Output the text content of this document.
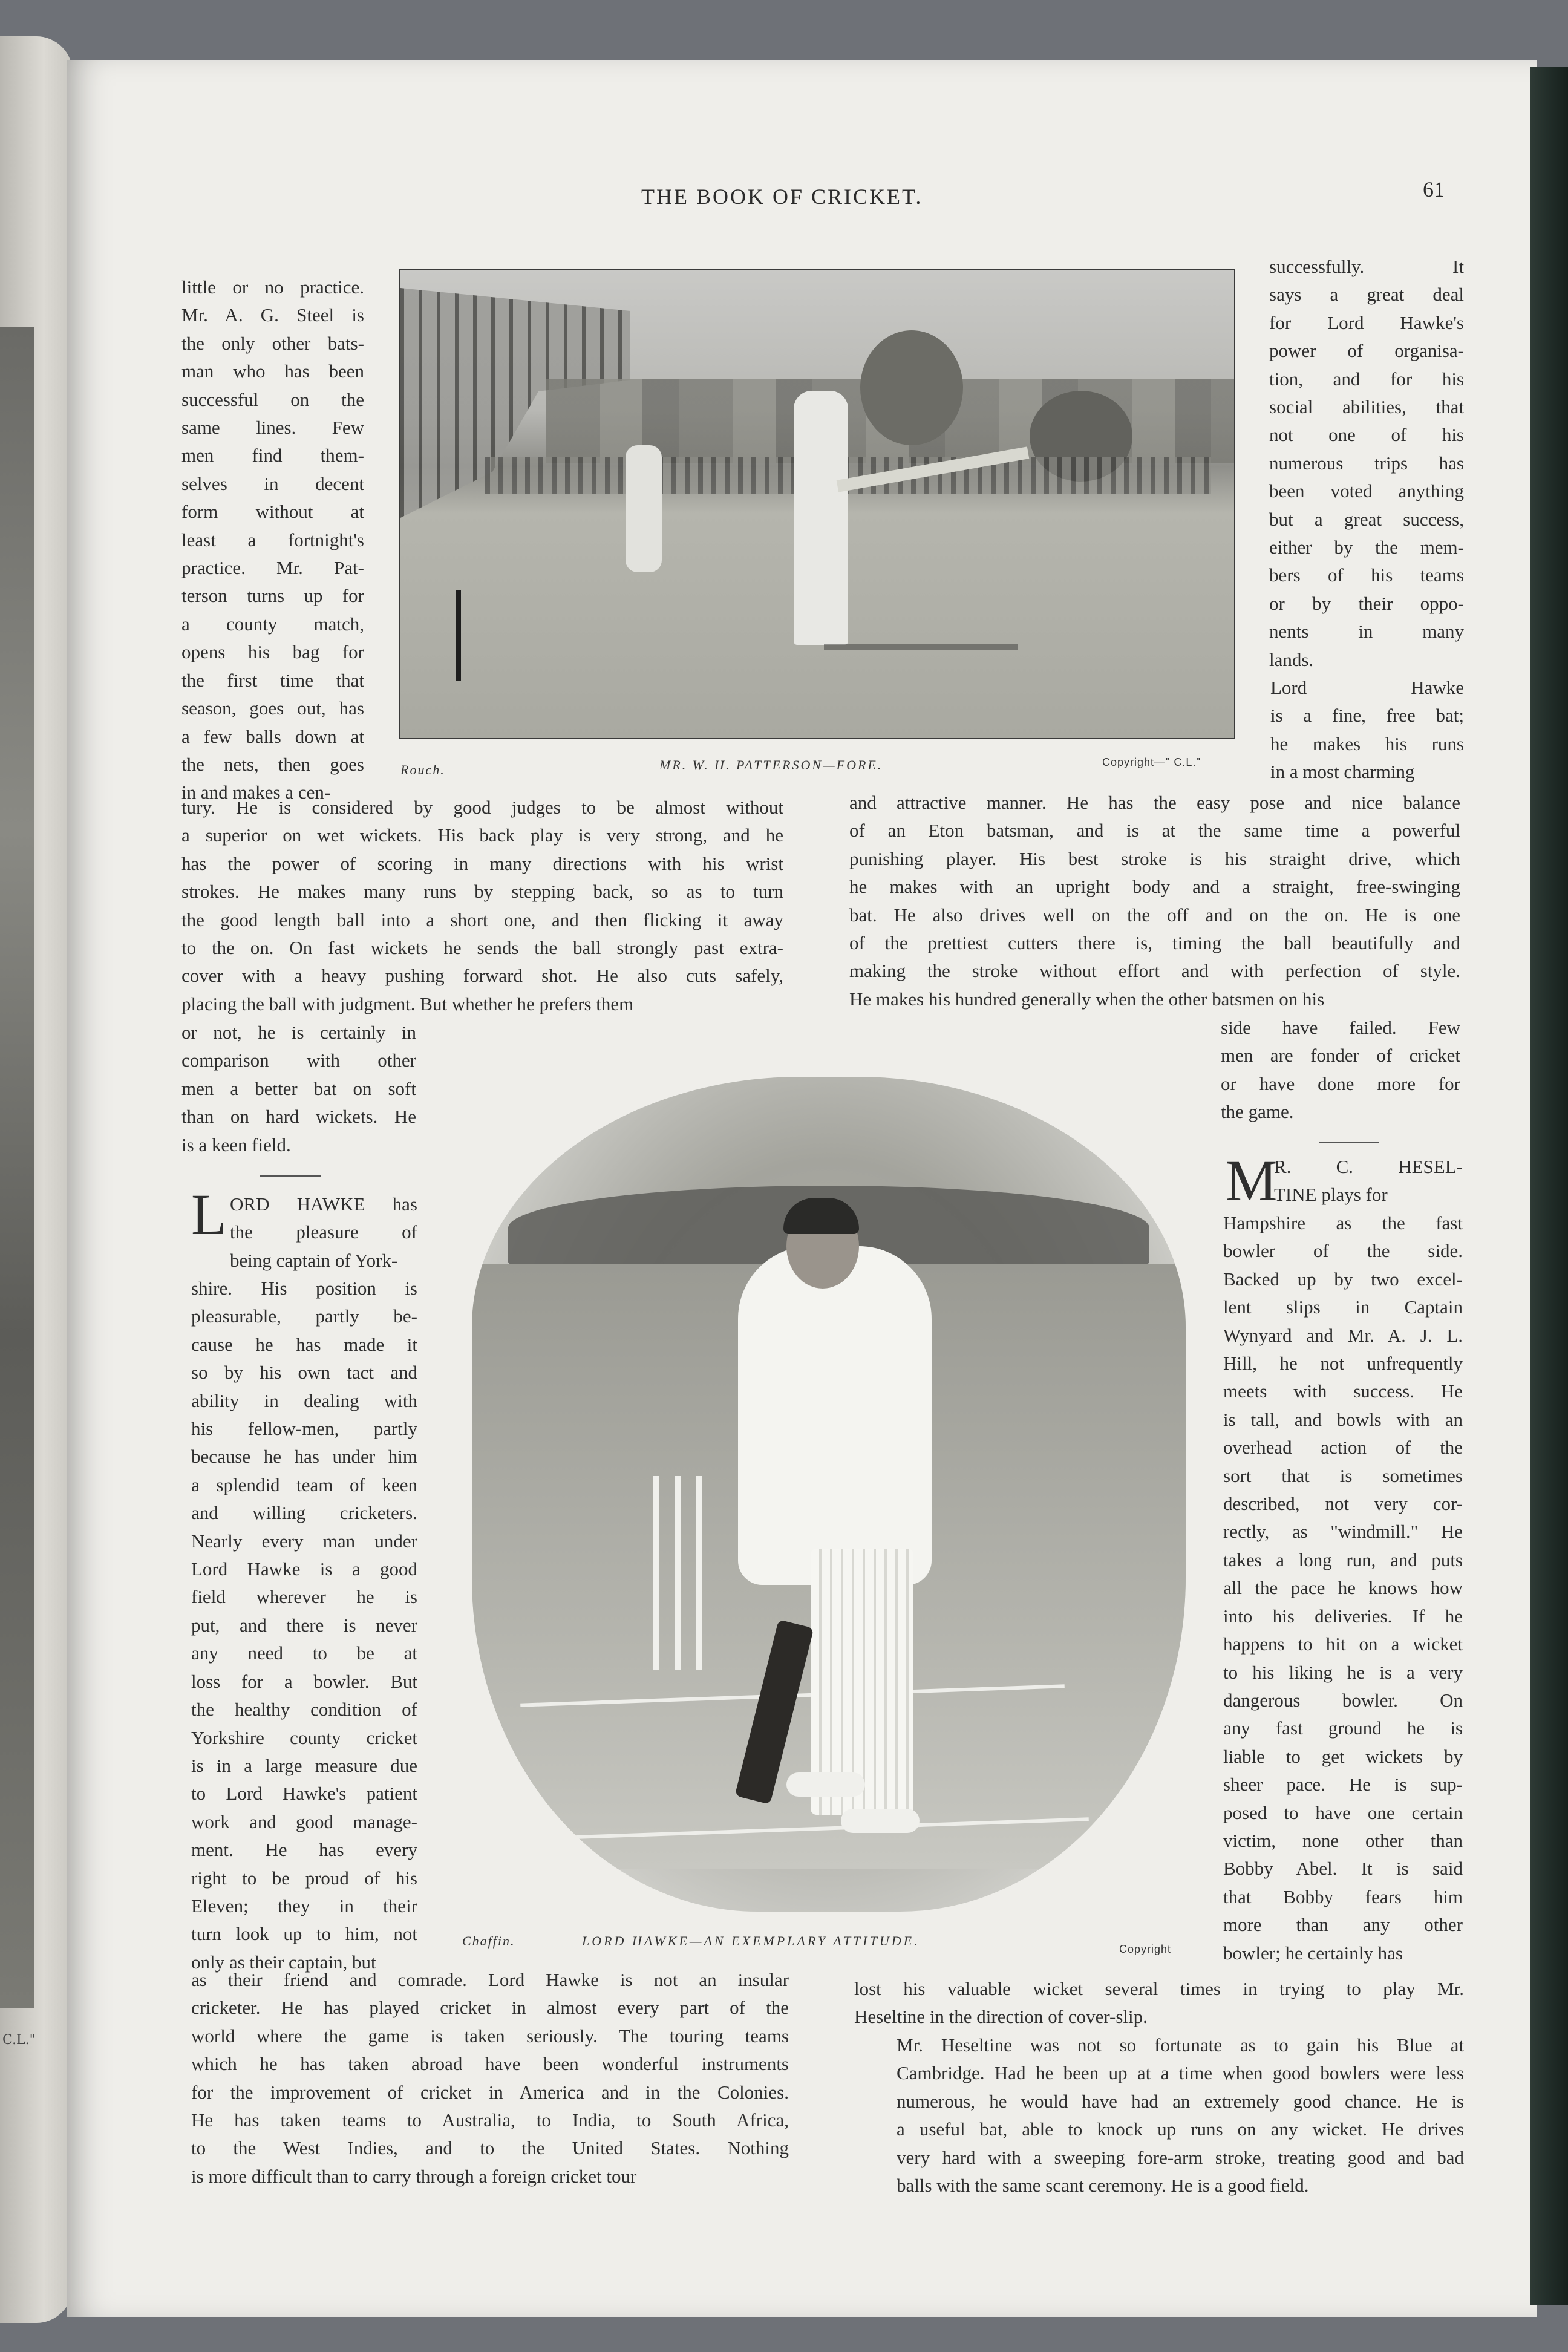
C.L."
THE BOOK OF CRICKET.	61
Rouch.	MR. W. H. PATTERSON—FORE.	Copyright—" C.L."
Chaffin.	LORD HAWKE—AN EXEMPLARY ATTITUDE.
Copyright
little or no practice.
Mr. A. G. Steel is
the only other bats-
man who has been
successful on the
same lines. Few
men find them-
selves in decent
form without at
least a fortnight's
practice. Mr. Pat-
terson turns up for
a county match,
opens his bag for
the first time that
season, goes out, has
a few balls down at
the nets, then goes
in and makes a cen-
successfully. It
says a great deal
for Lord Hawke's
power of organisa-
tion, and for his
social abilities, that
not one of his
numerous trips has
been voted anything
but a great success,
either by the mem-
bers of his teams
or by their oppo-
nents in many
lands.
Lord Hawke
is a fine, free bat;
he makes his runs
in a most charming
tury. He is considered by good judges to be almost without
a superior on wet wickets. His back play is very strong, and he
has the power of scoring in many directions with his wrist
strokes. He makes many runs by stepping back, so as to turn
the good length ball into a short one, and then flicking it away
to the on. On fast wickets he sends the ball strongly past extra-
cover with a heavy pushing forward shot. He also cuts safely,
placing the ball with judgment. But whether he prefers them
or not, he is certainly in
comparison with other
men a better bat on soft
than on hard wickets. He
is a keen field.
and attractive manner. He has the easy pose and nice balance
of an Eton batsman, and is at the same time a powerful
punishing player. His best stroke is his straight drive, which
he makes with an upright body and a straight, free-swinging
bat. He also drives well on the off and on the on. He is one
of the prettiest cutters there is, timing the ball beautifully and
making the stroke without effort and with perfection of style.
He makes his hundred generally when the other batsmen on his
side have failed. Few
men are fonder of cricket
or have done more for
the game.
L ORD HAWKE has
the pleasure of
being captain of York-
shire. His position is
pleasurable, partly be-
cause he has made it
so by his own tact and
ability in dealing with
his fellow-men, partly
because he has under him
a splendid team of keen
and willing cricketers.
Nearly every man under
Lord Hawke is a good
field wherever he is
put, and there is never
any need to be at
loss for a bowler. But
the healthy condition of
Yorkshire county cricket
is in a large measure due
to Lord Hawke's patient
work and good manage-
ment. He has every
right to be proud of his
Eleven; they in their
turn look up to him, not
only as their captain, but
as their friend and comrade. Lord Hawke is not an insular
cricketer. He has played cricket in almost every part of the
world where the game is taken seriously. The touring teams
which he has taken abroad have been wonderful instruments
for the improvement of cricket in America and in the Colonies.
He has taken teams to Australia, to India, to South Africa,
to the West Indies, and to the United States. Nothing
is more difficult than to carry through a foreign cricket tour
M
R. C. HESEL-
TINE plays for
Hampshire as the fast
bowler of the side.
Backed up by two excel-
lent slips in Captain
Wynyard and Mr. A. J. L.
Hill, he not unfrequently
meets with success. He
is tall, and bowls with an
overhead action of the
sort that is sometimes
described, not very cor-
rectly, as "windmill." He
takes a long run, and puts
all the pace he knows how
into his deliveries. If he
happens to hit on a wicket
to his liking he is a very
dangerous bowler. On
any fast ground he is
liable to get wickets by
sheer pace. He is sup-
posed to have one certain
victim, none other than
Bobby Abel. It is said
that Bobby fears him
more than any other
bowler; he certainly has
lost his valuable wicket several times in trying to play Mr.
Heseltine in the direction of cover-slip.
Mr. Heseltine was not so fortunate as to gain his Blue at
Cambridge. Had he been up at a time when good bowlers were less
numerous, he would have had an extremely good chance. He is
a useful bat, able to knock up runs on any wicket. He drives
very hard with a sweeping fore-arm stroke, treating good and bad
balls with the same scant ceremony. He is a good field.
